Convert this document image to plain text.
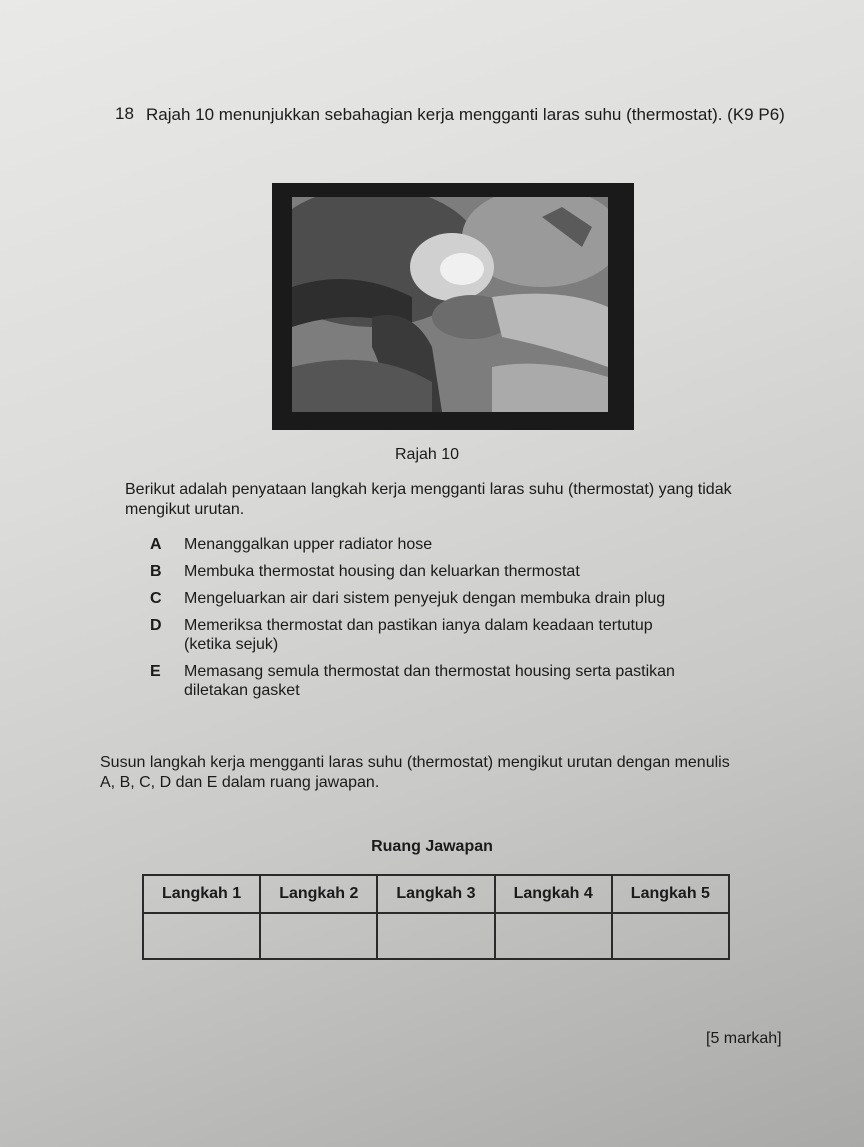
18 Rajah 10 menunjukkan sebahagian kerja mengganti laras suhu (thermostat). (K9 P6)
Rajah 10
Berikut adalah penyataan langkah kerja mengganti laras suhu (thermostat) yang tidak mengikut urutan.
A	Menanggalkan upper radiator hose
B	Membuka thermostat housing dan keluarkan thermostat
C	Mengeluarkan air dari sistem penyejuk dengan membuka drain plug
D	Memeriksa thermostat dan pastikan ianya dalam keadaan tertutup (ketika sejuk)
E	Memasang semula thermostat dan thermostat housing serta pastikan diletakan gasket
Susun langkah kerja mengganti laras suhu (thermostat) mengikut urutan dengan menulis A, B, C, D dan E dalam ruang jawapan.
Ruang Jawapan
Langkah 1	Langkah 2	Langkah 3	Langkah 4	Langkah 5

[5 markah]
